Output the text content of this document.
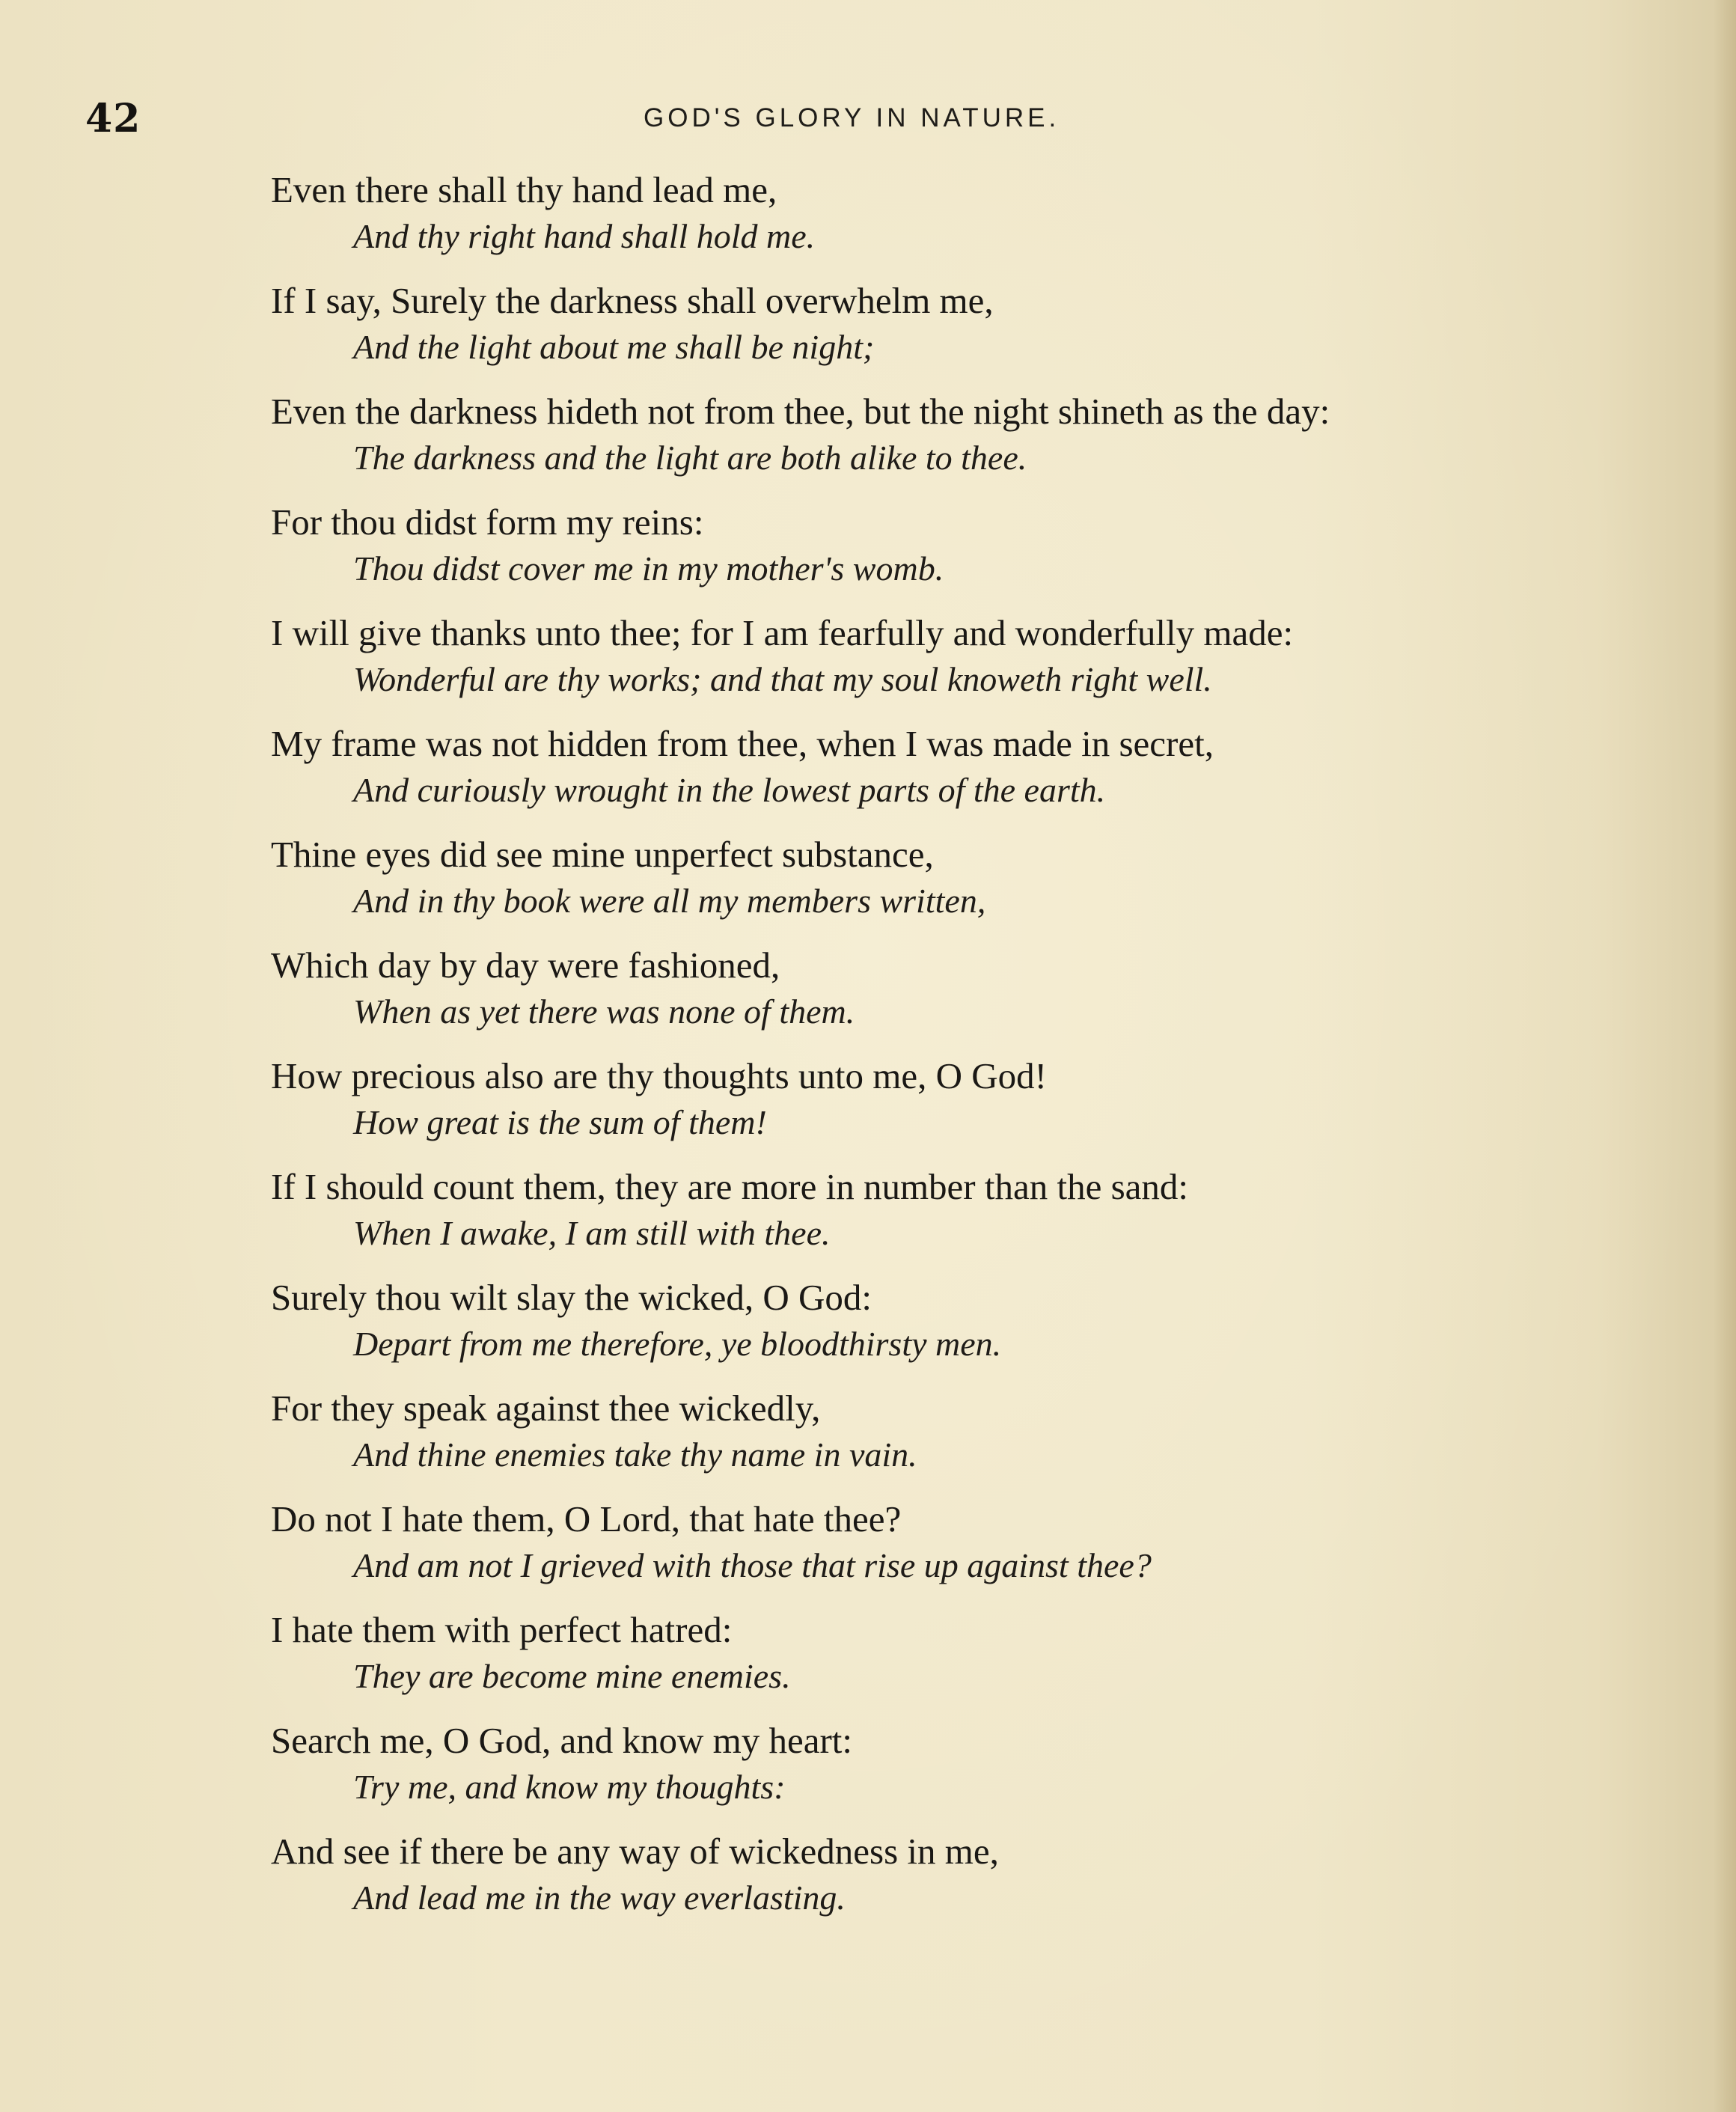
42	GOD'S GLORY IN NATURE.
Even there shall thy hand lead me,
And thy right hand shall hold me.
If I say, Surely the darkness shall overwhelm me,
And the light about me shall be night;
Even the darkness hideth not from thee, but the night shineth as the day:
The darkness and the light are both alike to thee.
For thou didst form my reins:
Thou didst cover me in my mother's womb.
I will give thanks unto thee; for I am fearfully and wonderfully made:
Wonderful are thy works; and that my soul knoweth right well.
My frame was not hidden from thee, when I was made in secret,
And curiously wrought in the lowest parts of the earth.
Thine eyes did see mine unperfect substance,
And in thy book were all my members written,
Which day by day were fashioned,
When as yet there was none of them.
How precious also are thy thoughts unto me, O God!
How great is the sum of them!
If I should count them, they are more in number than the sand:
When I awake, I am still with thee.
Surely thou wilt slay the wicked, O God:
Depart from me therefore, ye bloodthirsty men.
For they speak against thee wickedly,
And thine enemies take thy name in vain.
Do not I hate them, O Lord, that hate thee?
And am not I grieved with those that rise up against thee?
I hate them with perfect hatred:
They are become mine enemies.
Search me, O God, and know my heart:
Try me, and know my thoughts:
And see if there be any way of wickedness in me,
And lead me in the way everlasting.
